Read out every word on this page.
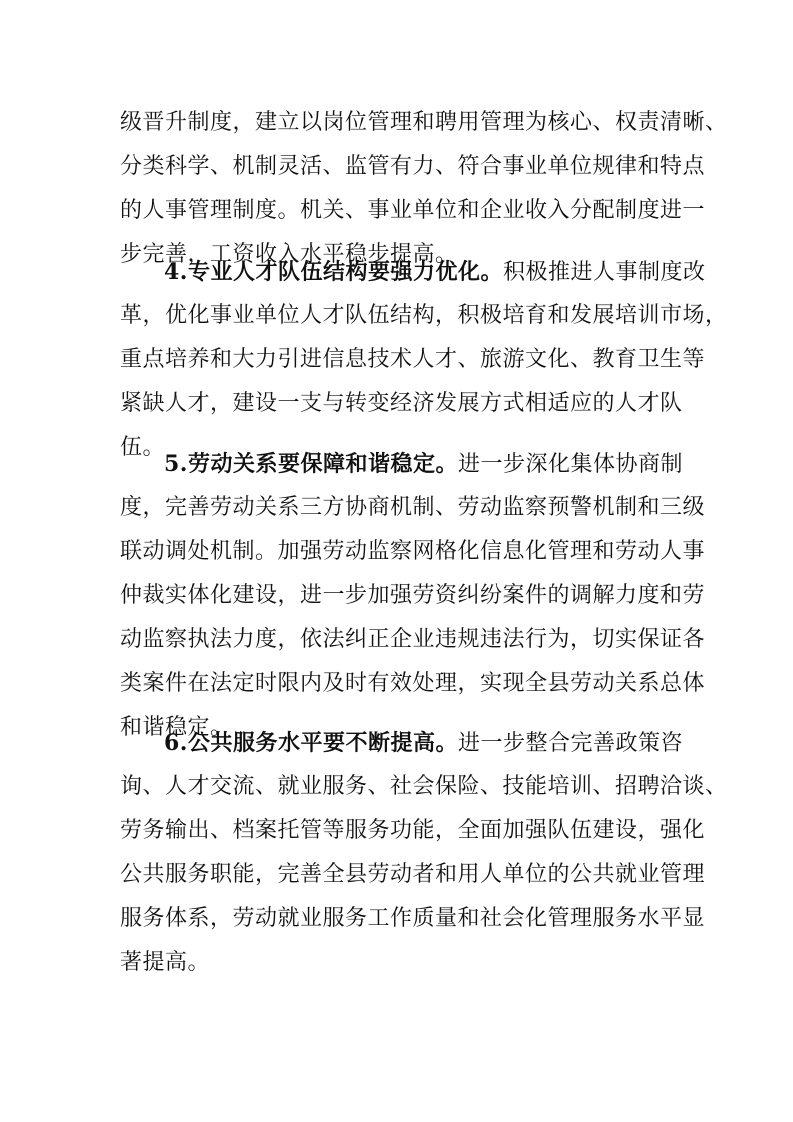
级晋升制度，建立以岗位管理和聘用管理为核心、权责清晰、
分类科学、机制灵活、监管有力、符合事业单位规律和特点
的人事管理制度。机关、事业单位和企业收入分配制度进一
步完善，工资收入水平稳步提高。
4.专业人才队伍结构要强力优化。积极推进人事制度改
革，优化事业单位人才队伍结构，积极培育和发展培训市场，
重点培养和大力引进信息技术人才、旅游文化、教育卫生等
紧缺人才，建设一支与转变经济发展方式相适应的人才队
伍。
5.劳动关系要保障和谐稳定。进一步深化集体协商制
度，完善劳动关系三方协商机制、劳动监察预警机制和三级
联动调处机制。加强劳动监察网格化信息化管理和劳动人事
仲裁实体化建设，进一步加强劳资纠纷案件的调解力度和劳
动监察执法力度，依法纠正企业违规违法行为，切实保证各
类案件在法定时限内及时有效处理，实现全县劳动关系总体
和谐稳定。
6.公共服务水平要不断提高。进一步整合完善政策咨
询、人才交流、就业服务、社会保险、技能培训、招聘洽谈、
劳务输出、档案托管等服务功能，全面加强队伍建设，强化
公共服务职能，完善全县劳动者和用人单位的公共就业管理
服务体系，劳动就业服务工作质量和社会化管理服务水平显
著提高。
